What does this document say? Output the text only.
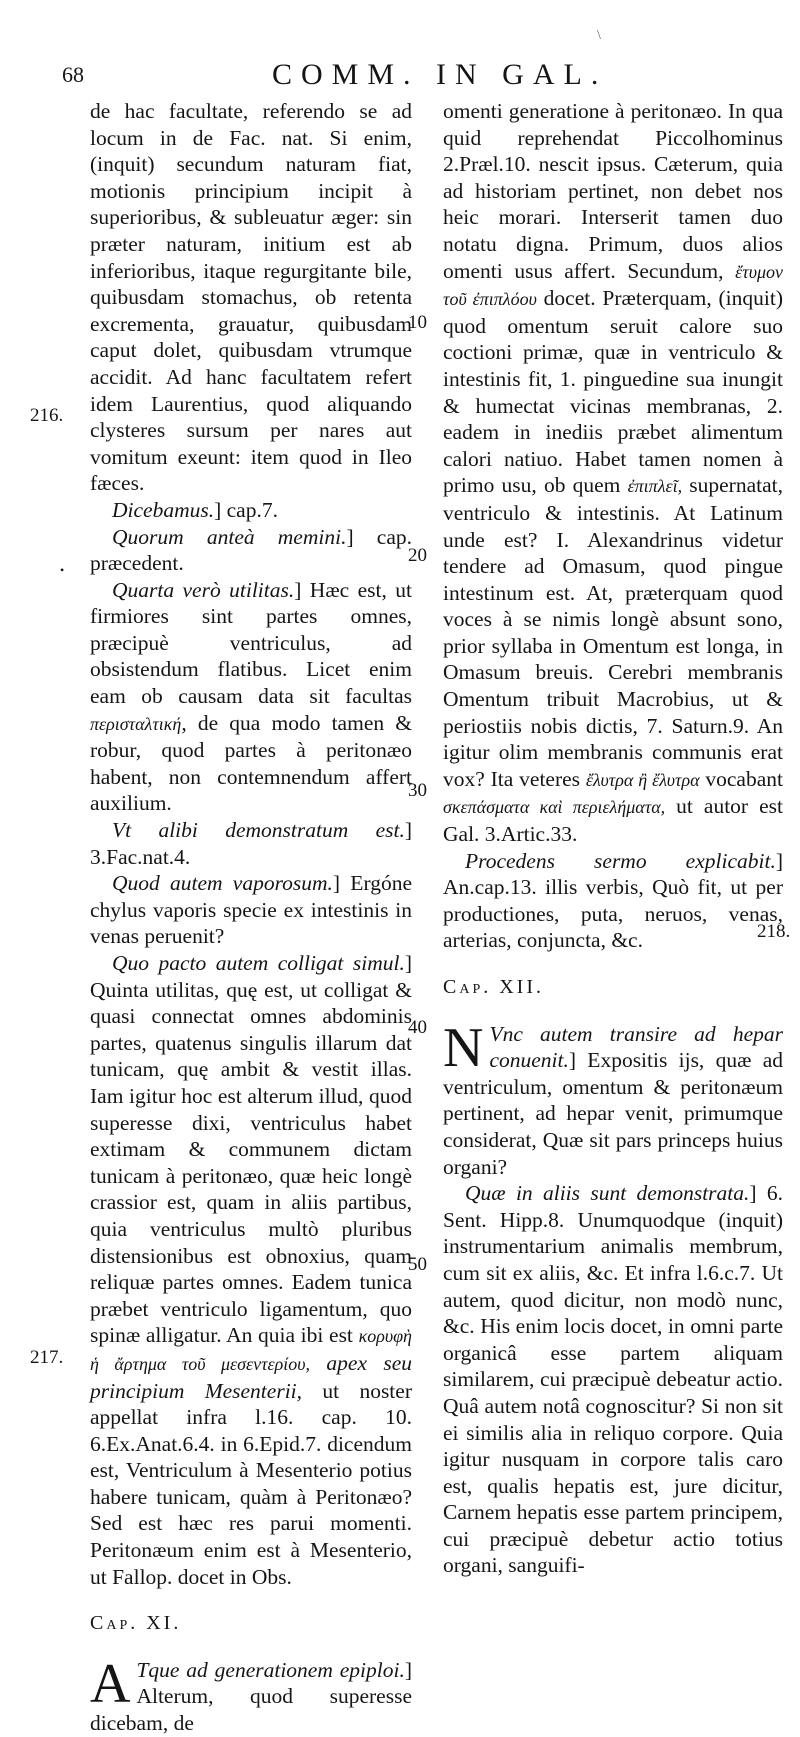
\
68	COMM. IN GAL.
216.
217.
218.
•
10
20
30
40
50

de hac facultate, referendo se ad locum in de Fac. nat. Si enim, (inquit) secundum naturam fiat, motionis principium incipit à superioribus, & subleuatur æger: sin præter naturam, initium est ab inferioribus, itaque regurgitante bile, quibusdam stomachus, ob retenta excrementa, grauatur, quibusdam caput dolet, quibusdam vtrumque accidit. Ad hanc facultatem refert idem Laurentius, quod aliquando clysteres sursum per nares aut vomitum exeunt: item quod in Ileo fæces.

Dicebamus.] cap.7.

Quorum anteà memini.] cap. præcedent.

Quarta verò utilitas.] Hæc est, ut firmiores sint partes omnes, præcipuè ventriculus, ad obsistendum flatibus. Licet enim eam ob causam data sit facultas περισταλτική, de qua modo tamen & robur, quod partes à peritonæo habent, non contemnendum affert auxilium.

Vt alibi demonstratum est.] 3.Fac.nat.4.

Quod autem vaporosum.] Ergóne chylus vaporis specie ex intestinis in venas peruenit?

Quo pacto autem colligat simul.] Quinta utilitas, quę est, ut colligat & quasi connectat omnes abdominis partes, quatenus singulis illarum dat tunicam, quę ambit & vestit illas. Iam igitur hoc est alterum illud, quod superesse dixi, ventriculus habet extimam & communem dictam tunicam à peritonæo, quæ heic longè crassior est, quam in aliis partibus, quia ventriculus multò pluribus distensionibus est obnoxius, quam reliquæ partes omnes. Eadem tunica præbet ventriculo ligamentum, quo spinæ alligatur. An quia ibi est κορυφὴ ἡ ἄρτημα τοῦ μεσεντερίου, apex seu principium Mesenterii, ut noster appellat infra l.16. cap. 10. 6.Ex.Anat.6.4. in 6.Epid.7. dicendum est, Ventriculum à Mesenterio potius habere tunicam, quàm à Peritonæo? Sed est hæc res parui momenti. Peritonæum enim est à Mesenterio, ut Fallop. docet in Obs.

Cap. XI.

A Tque ad generationem epiploi.] Alterum, quod superesse dicebam, de

omenti generatione à peritonæo. In qua quid reprehendat Piccolhominus 2.Præl.10. nescit ipsus. Cæterum, quia ad historiam pertinet, non debet nos heic morari. Interserit tamen duo notatu digna. Primum, duos alios omenti usus affert. Secundum, ἔτυμον τοῦ ἐπιπλόου docet. Præterquam, (inquit) quod omentum seruit calore suo coctioni primæ, quæ in ventriculo & intestinis fit, 1. pinguedine sua inungit & humectat vicinas membranas, 2. eadem in inediis præbet alimentum calori natiuo. Habet tamen nomen à primo usu, ob quem ἐπιπλεῖ, supernatat, ventriculo & intestinis. At Latinum unde est? I. Alexandrinus videtur tendere ad Omasum, quod pingue intestinum est. At, præterquam quod voces à se nimis longè absunt sono, prior syllaba in Omentum est longa, in Omasum breuis. Cerebri membranis Omentum tribuit Macrobius, ut & periostiis nobis dictis, 7. Saturn.9. An igitur olim membranis communis erat vox? Ita veteres ἔλυτρα ἢ ἔλυτρα vocabant σκεπάσματα καὶ περιελήματα, ut autor est Gal. 3.Artic.33.

Procedens sermo explicabit.] An.cap.13. illis verbis, Quò fit, ut per productiones, puta, neruos, venas, arterias, conjuncta, &c.

Cap. XII.

N Vnc autem transire ad hepar conuenit.] Expositis ijs, quæ ad ventriculum, omentum & peritonæum pertinent, ad hepar venit, primumque considerat, Quæ sit pars princeps huius organi?

Quæ in aliis sunt demonstrata.] 6. Sent. Hipp.8. Unumquodque (inquit) instrumentarium animalis membrum, cum sit ex aliis, &c. Et infra l.6.c.7. Ut autem, quod dicitur, non modò nunc, &c. His enim locis docet, in omni parte organicâ esse partem aliquam similarem, cui præcipuè debeatur actio. Quâ autem notâ cognoscitur? Si non sit ei similis alia in reliquo corpore. Quia igitur nusquam in corpore talis caro est, qualis hepatis est, jure dicitur, Carnem hepatis esse partem principem, cui præcipuè debetur actio totius organi, sanguifi-
